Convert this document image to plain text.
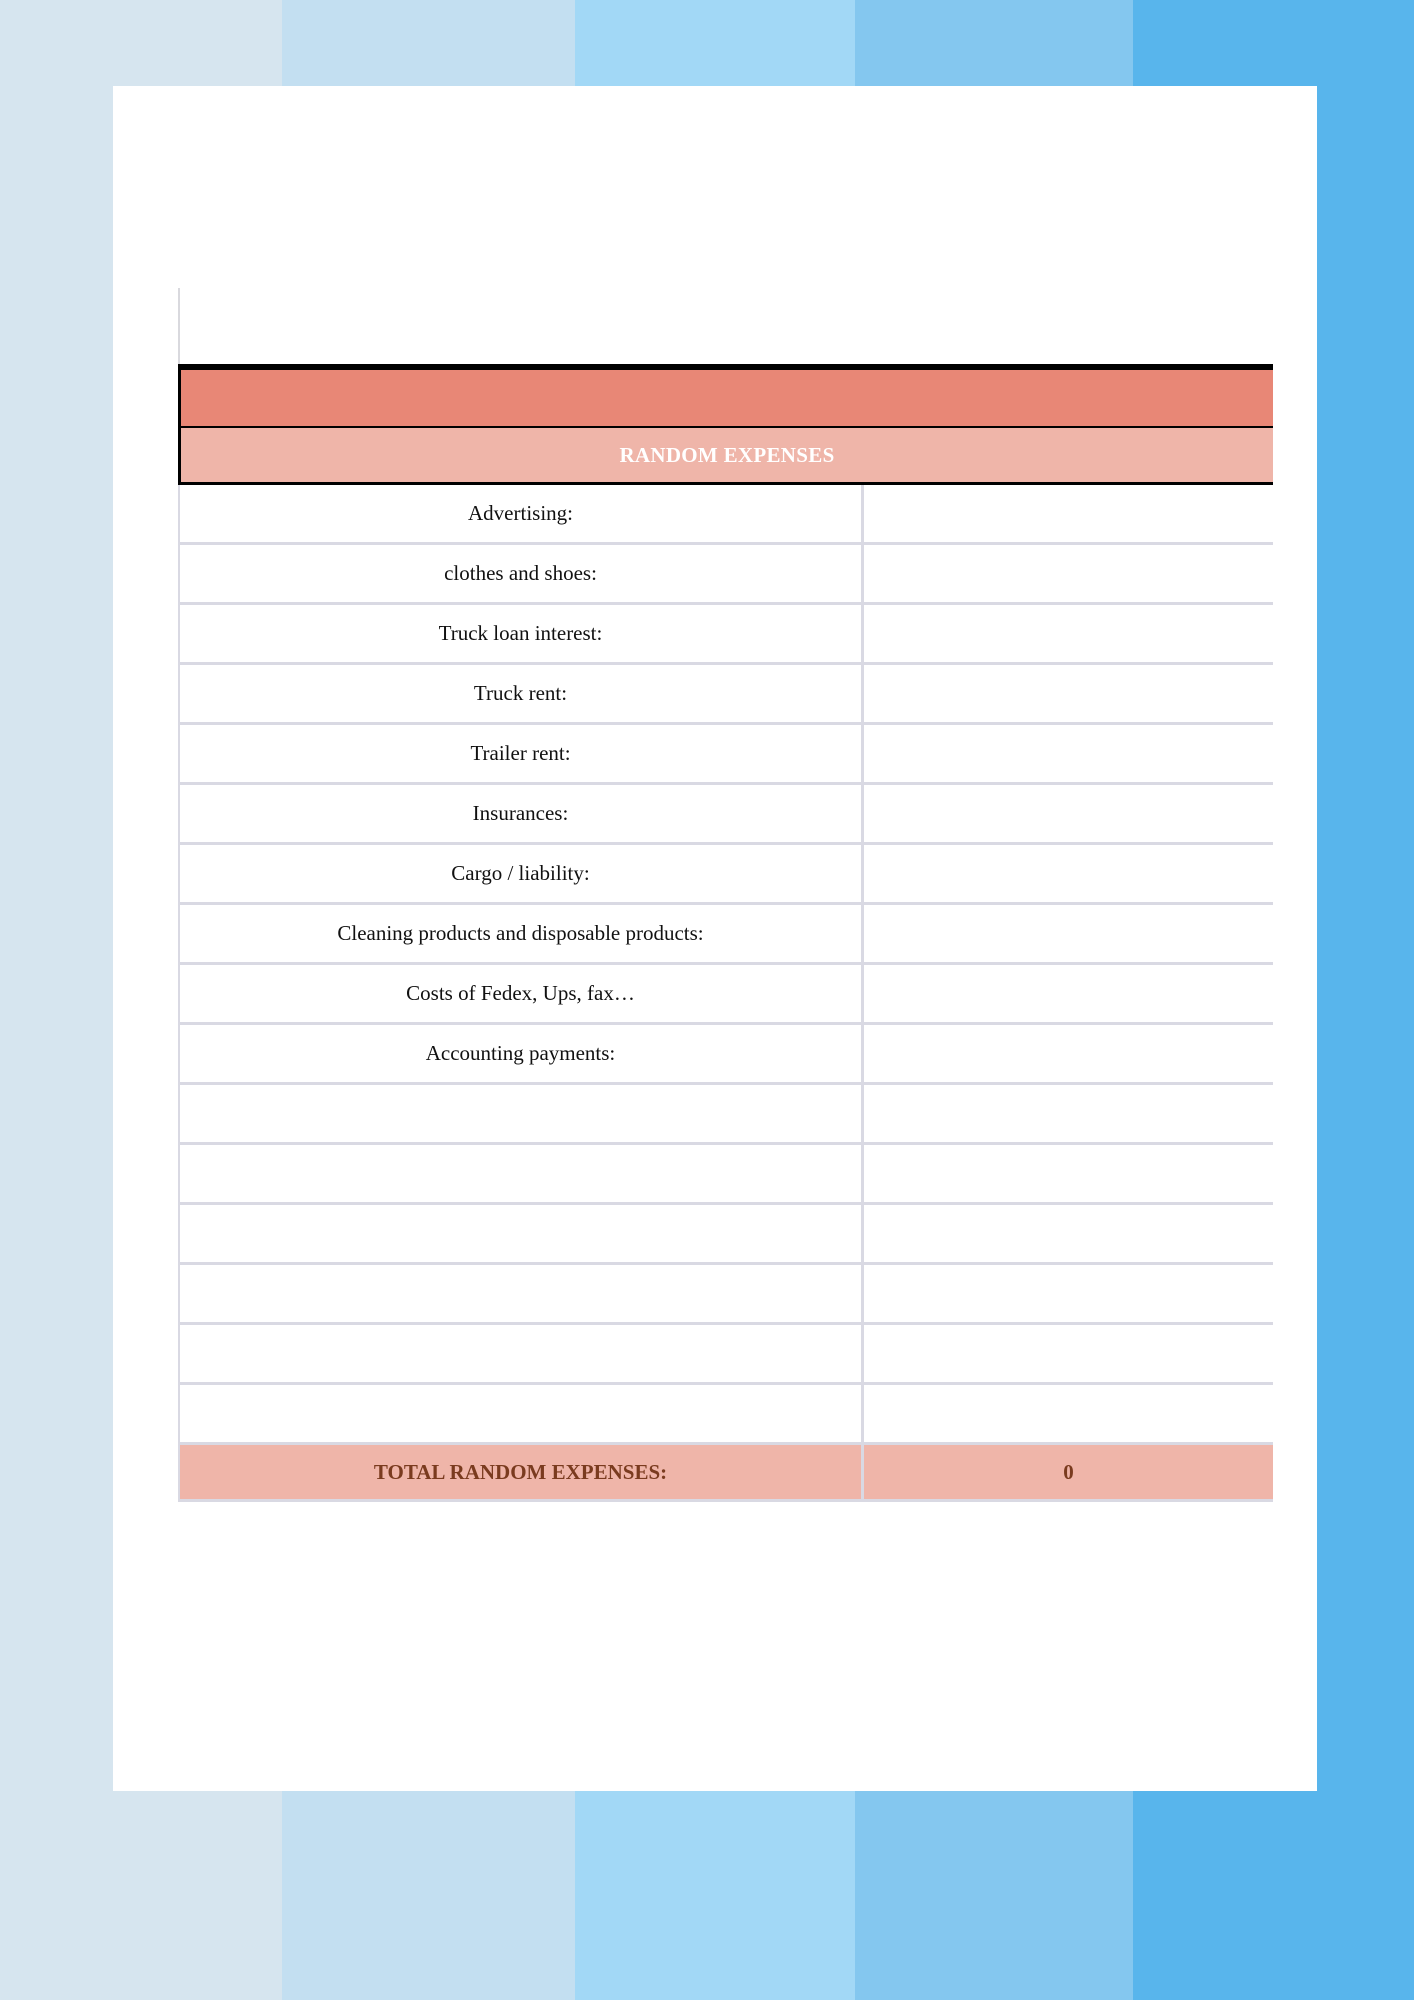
RANDOM EXPENSES
Advertising:
clothes and shoes:
Truck loan interest:
Truck rent:
Trailer rent:
Insurances:
Cargo / liability:
Cleaning products and disposable products:
Costs of Fedex, Ups, fax…
Accounting payments:
TOTAL RANDOM EXPENSES:	0
